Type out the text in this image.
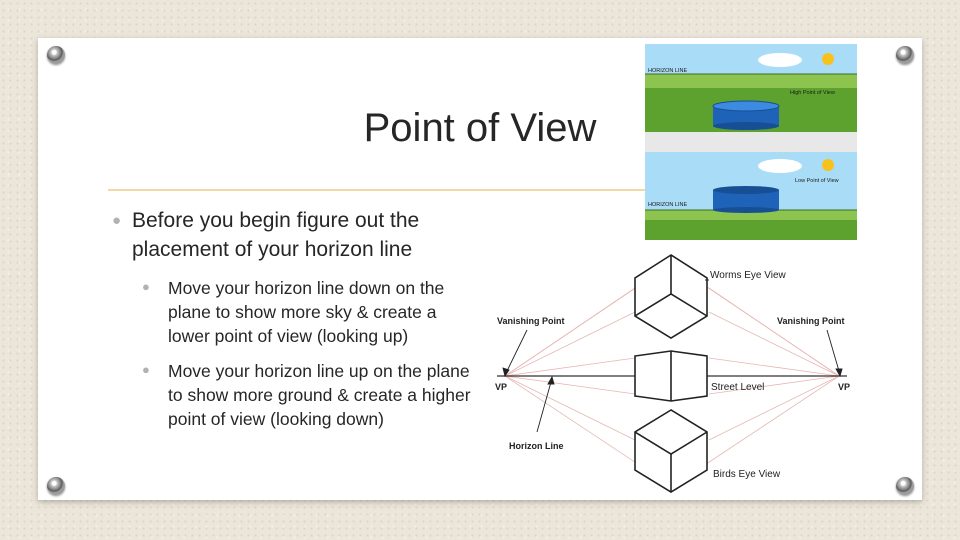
Point of View
● Before you begin figure out the placement of your horizon line
● Move your horizon line down on the plane to show more sky & create a lower point of view (looking up)
● Move your horizon line up on the plane to show more ground & create a higher point of view (looking down)
HORIZON LINE
High Point of View
HORIZON LINE
Low Point of View
Worms Eye View
Vanishing Point	Vanishing Point
VP	VP
Street Level
Horizon Line
Birds Eye View
